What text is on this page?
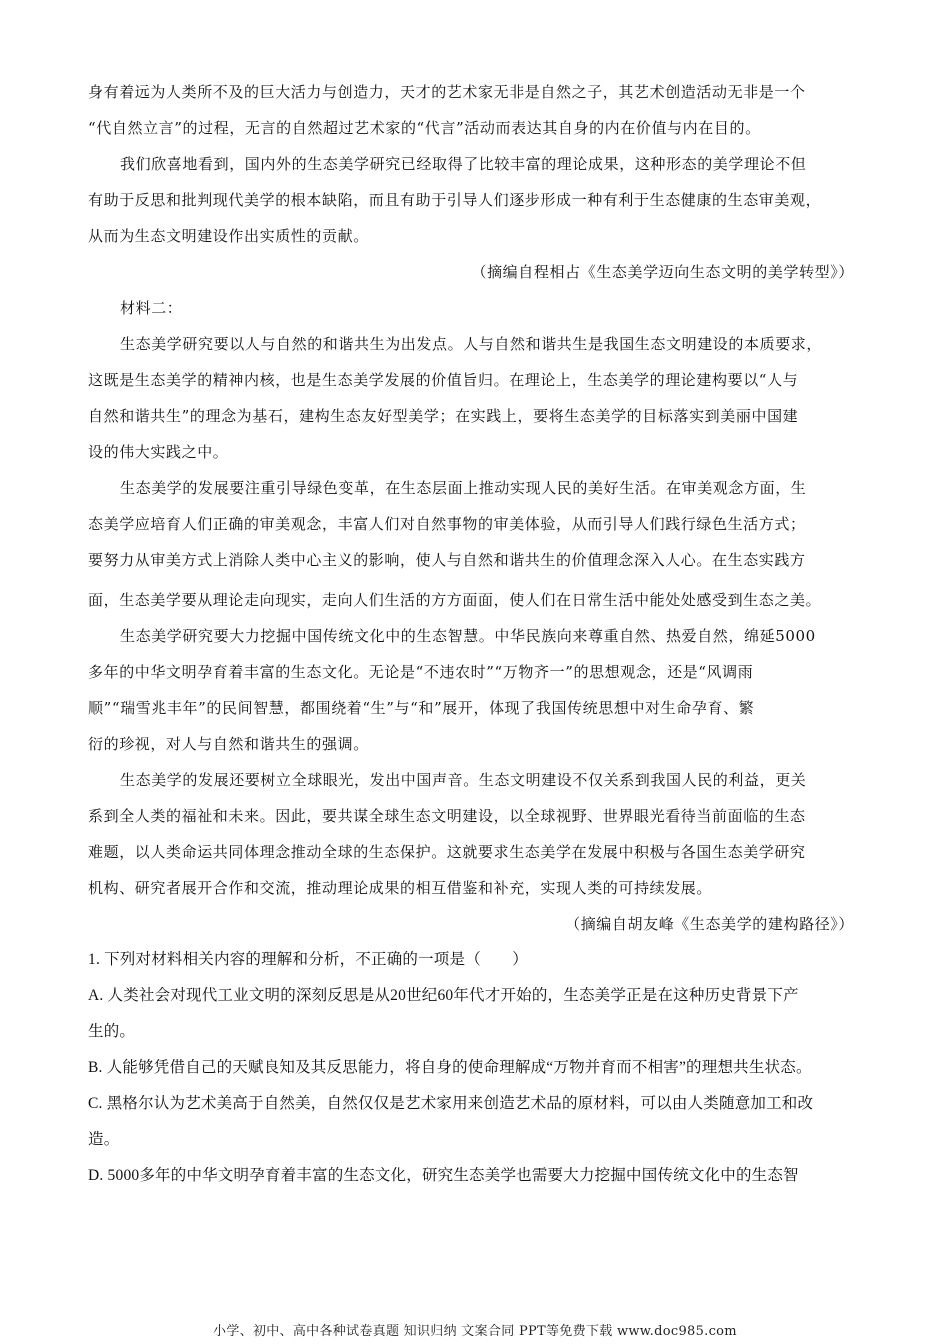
身有着远为人类所不及的巨大活力与创造力，天才的艺术家无非是自然之子，其艺术创造活动无非是一个
“代自然立言”的过程，无言的自然超过艺术家的“代言”活动而表达其自身的内在价值与内在目的。
我们欣喜地看到，国内外的生态美学研究已经取得了比较丰富的理论成果，这种形态的美学理论不但
有助于反思和批判现代美学的根本缺陷，而且有助于引导人们逐步形成一种有利于生态健康的生态审美观，
从而为生态文明建设作出实质性的贡献。
（摘编自程相占《生态美学迈向生态文明的美学转型》）
材料二：
生态美学研究要以人与自然的和谐共生为出发点。人与自然和谐共生是我国生态文明建设的本质要求，
这既是生态美学的精神内核，也是生态美学发展的价值旨归。在理论上，生态美学的理论建构要以“人与
自然和谐共生”的理念为基石，建构生态友好型美学；在实践上，要将生态美学的目标落实到美丽中国建
设的伟大实践之中。
生态美学的发展要注重引导绿色变革，在生态层面上推动实现人民的美好生活。在审美观念方面，生
态美学应培育人们正确的审美观念，丰富人们对自然事物的审美体验，从而引导人们践行绿色生活方式；
要努力从审美方式上消除人类中心主义的影响，使人与自然和谐共生的价值理念深入人心。在生态实践方
面，生态美学要从理论走向现实，走向人们生活的方方面面，使人们在日常生活中能处处感受到生态之美。
生态美学研究要大力挖掘中国传统文化中的生态智慧。中华民族向来尊重自然、热爱自然，绵延5000
多年的中华文明孕育着丰富的生态文化。无论是“不违农时”“万物齐一”的思想观念，还是“风调雨
顺”“瑞雪兆丰年”的民间智慧，都围绕着“生”与“和”展开，体现了我国传统思想中对生命孕育、繁
衍的珍视，对人与自然和谐共生的强调。
生态美学的发展还要树立全球眼光，发出中国声音。生态文明建设不仅关系到我国人民的利益，更关
系到全人类的福祉和未来。因此，要共谋全球生态文明建设，以全球视野、世界眼光看待当前面临的生态
难题，以人类命运共同体理念推动全球的生态保护。这就要求生态美学在发展中积极与各国生态美学研究
机构、研究者展开合作和交流，推动理论成果的相互借鉴和补充，实现人类的可持续发展。
（摘编自胡友峰《生态美学的建构路径》）
1. 下列对材料相关内容的理解和分析，不正确的一项是（　　）
A. 人类社会对现代工业文明的深刻反思是从20世纪60年代才开始的，生态美学正是在这种历史背景下产
生的。
B. 人能够凭借自己的天赋良知及其反思能力，将自身的使命理解成“万物并育而不相害”的理想共生状态。
C. 黑格尔认为艺术美高于自然美，自然仅仅是艺术家用来创造艺术品的原材料，可以由人类随意加工和改
造。
D. 5000多年的中华文明孕育着丰富的生态文化，研究生态美学也需要大力挖掘中国传统文化中的生态智
小学、初中、高中各种试卷真题 知识归纳 文案合同 PPT等免费下载 www.doc985.com
